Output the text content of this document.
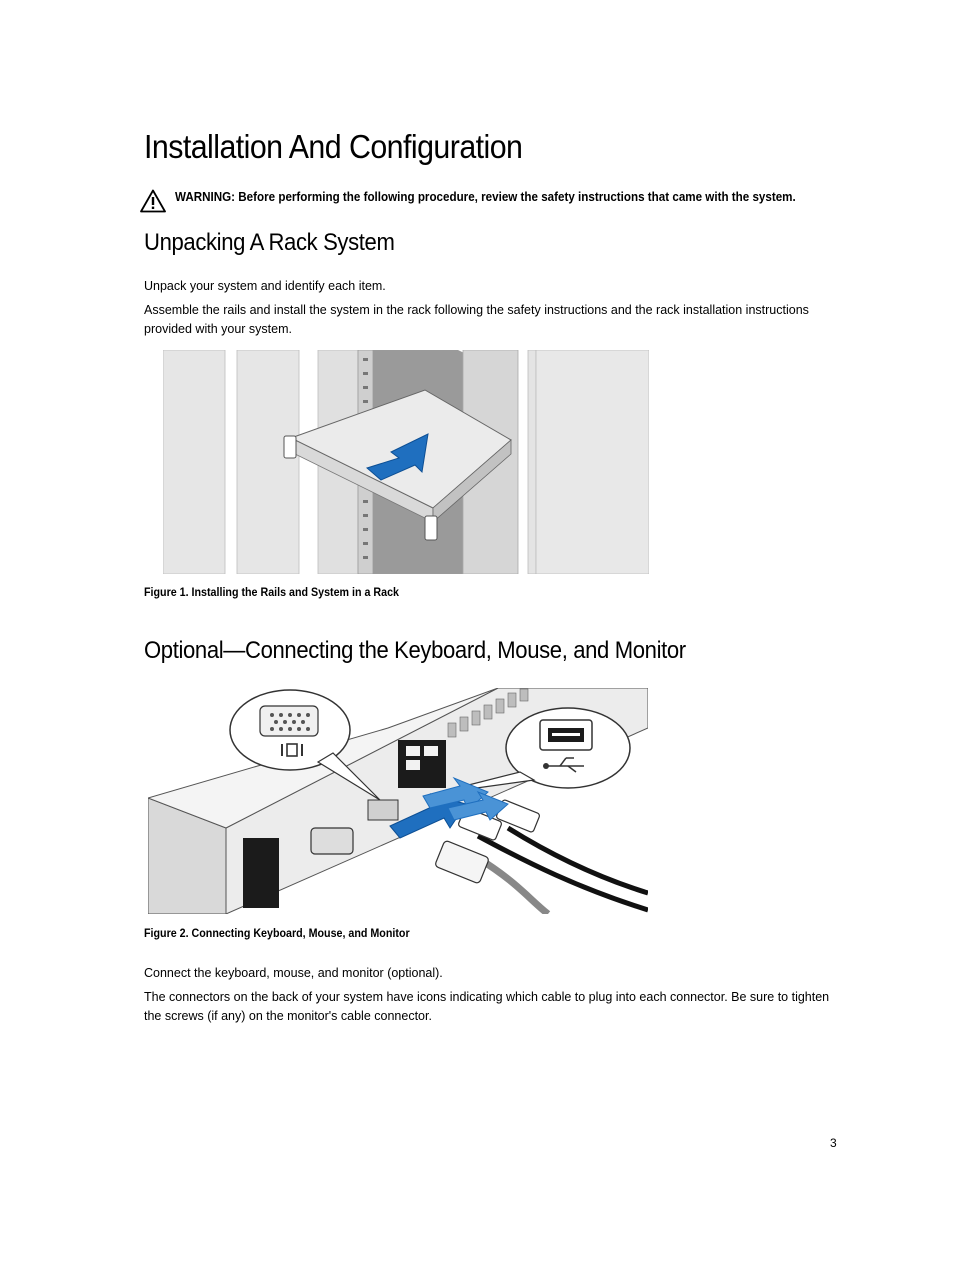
Installation And Configuration
WARNING: Before performing the following procedure, review the safety instructions that came with the system.
Unpacking A Rack System

Unpack your system and identify each item.

Assemble the rails and install the system in the rack following the safety instructions and the rack installation instructions provided with your system.

Figure 1. Installing the Rails and System in a Rack
Optional—Connecting the Keyboard, Mouse, and Monitor
Figure 2. Connecting Keyboard, Mouse, and Monitor

Connect the keyboard, mouse, and monitor (optional).

The connectors on the back of your system have icons indicating which cable to plug into each connector. Be sure to tighten the screws (if any) on the monitor's cable connector.

3
